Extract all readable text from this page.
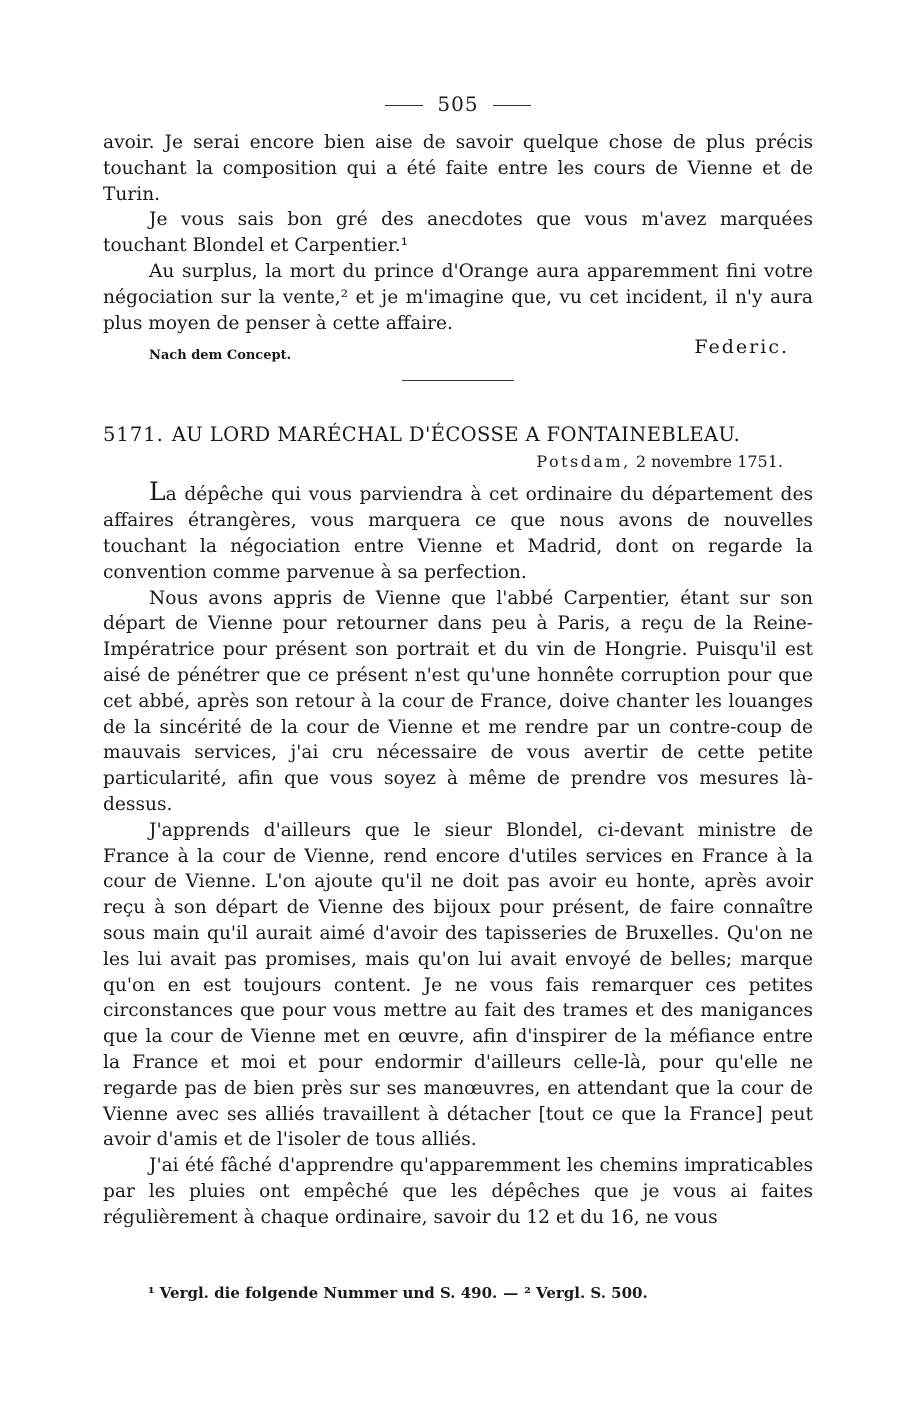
505

avoir. Je serai encore bien aise de savoir quelque chose de plus précis touchant la composition qui a été faite entre les cours de Vienne et de Turin.

Je vous sais bon gré des anecdotes que vous m'avez marquées touchant Blondel et Carpentier.¹

Au surplus, la mort du prince d'Orange aura apparemment fini votre négociation sur la vente,² et je m'imagine que, vu cet incident, il n'y aura plus moyen de penser à cette affaire.

Nach dem Concept.	Federic.
5171. AU LORD MARÉCHAL D'ÉCOSSE A FONTAINEBLEAU.
Potsdam, 2 novembre 1751.

La dépêche qui vous parviendra à cet ordinaire du département des affaires étrangères, vous marquera ce que nous avons de nouvelles touchant la négociation entre Vienne et Madrid, dont on regarde la convention comme parvenue à sa perfection.

Nous avons appris de Vienne que l'abbé Carpentier, étant sur son départ de Vienne pour retourner dans peu à Paris, a reçu de la Reine-Impératrice pour présent son portrait et du vin de Hongrie. Puisqu'il est aisé de pénétrer que ce présent n'est qu'une honnête corruption pour que cet abbé, après son retour à la cour de France, doive chanter les louanges de la sincérité de la cour de Vienne et me rendre par un contre-coup de mauvais services, j'ai cru nécessaire de vous avertir de cette petite particularité, afin que vous soyez à même de prendre vos mesures là-dessus.

J'apprends d'ailleurs que le sieur Blondel, ci-devant ministre de France à la cour de Vienne, rend encore d'utiles services en France à la cour de Vienne. L'on ajoute qu'il ne doit pas avoir eu honte, après avoir reçu à son départ de Vienne des bijoux pour présent, de faire connaître sous main qu'il aurait aimé d'avoir des tapisseries de Bruxelles. Qu'on ne les lui avait pas promises, mais qu'on lui avait envoyé de belles; marque qu'on en est toujours content. Je ne vous fais remarquer ces petites circonstances que pour vous mettre au fait des trames et des manigances que la cour de Vienne met en œuvre, afin d'inspirer de la méfiance entre la France et moi et pour endormir d'ailleurs celle-là, pour qu'elle ne regarde pas de bien près sur ses manœuvres, en attendant que la cour de Vienne avec ses alliés travaillent à détacher [tout ce que la France] peut avoir d'amis et de l'isoler de tous alliés.

J'ai été fâché d'apprendre qu'apparemment les chemins impraticables par les pluies ont empêché que les dépêches que je vous ai faites régulièrement à chaque ordinaire, savoir du 12 et du 16, ne vous

¹ Vergl. die folgende Nummer und S. 490. — ² Vergl. S. 500.
